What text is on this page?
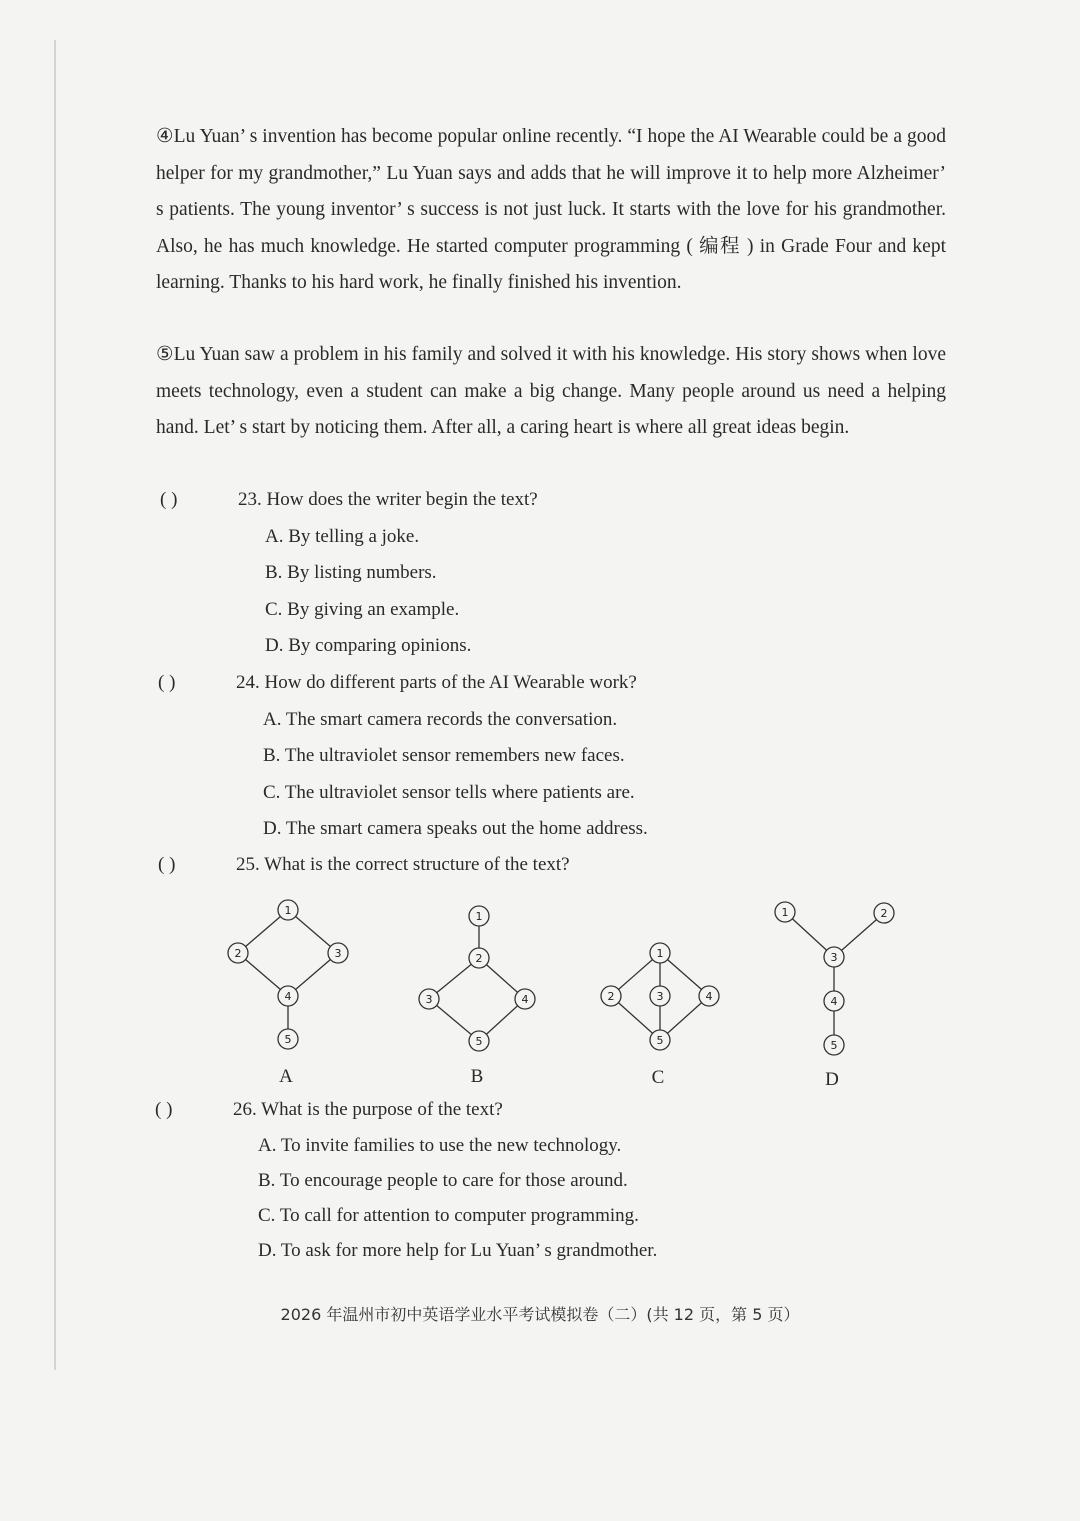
④Lu Yuan’ s invention has become popular online recently. “I hope the AI Wearable could be a good helper for my grandmother,” Lu Yuan says and adds that he will improve it to help more Alzheimer’ s patients. The young inventor’ s success is not just luck. It starts with the love for his grandmother. Also, he has much knowledge. He started computer programming ( 编程 ) in Grade Four and kept learning. Thanks to his hard work, he finally finished his invention.
⑤Lu Yuan saw a problem in his family and solved it with his knowledge. His story shows when love meets technology, even a student can make a big change. Many people around us need a helping hand. Let’ s start by noticing them. After all, a caring heart is where all great ideas begin.
( )	23. How does the writer begin the text?
A. By telling a joke.
B. By listing numbers.
C. By giving an example.
D. By comparing opinions.
( )	24. How do different parts of the AI Wearable work?
A. The smart camera records the conversation.
B. The ultraviolet sensor remembers new faces.
C. The ultraviolet sensor tells where patients are.
D. The smart camera speaks out the home address.
( )	25. What is the correct structure of the text?
1
2	3
4
5
1
2
3	4
5
1
2	3	4
5
1	2
3
4
5
A	B	C	D
( )	26. What is the purpose of the text?
A. To invite families to use the new technology.
B. To encourage people to care for those around.
C. To call for attention to computer programming.
D. To ask for more help for Lu Yuan’ s grandmother.
2026 年温州市初中英语学业水平考试模拟卷（二）(共 12 页，第 5 页）
